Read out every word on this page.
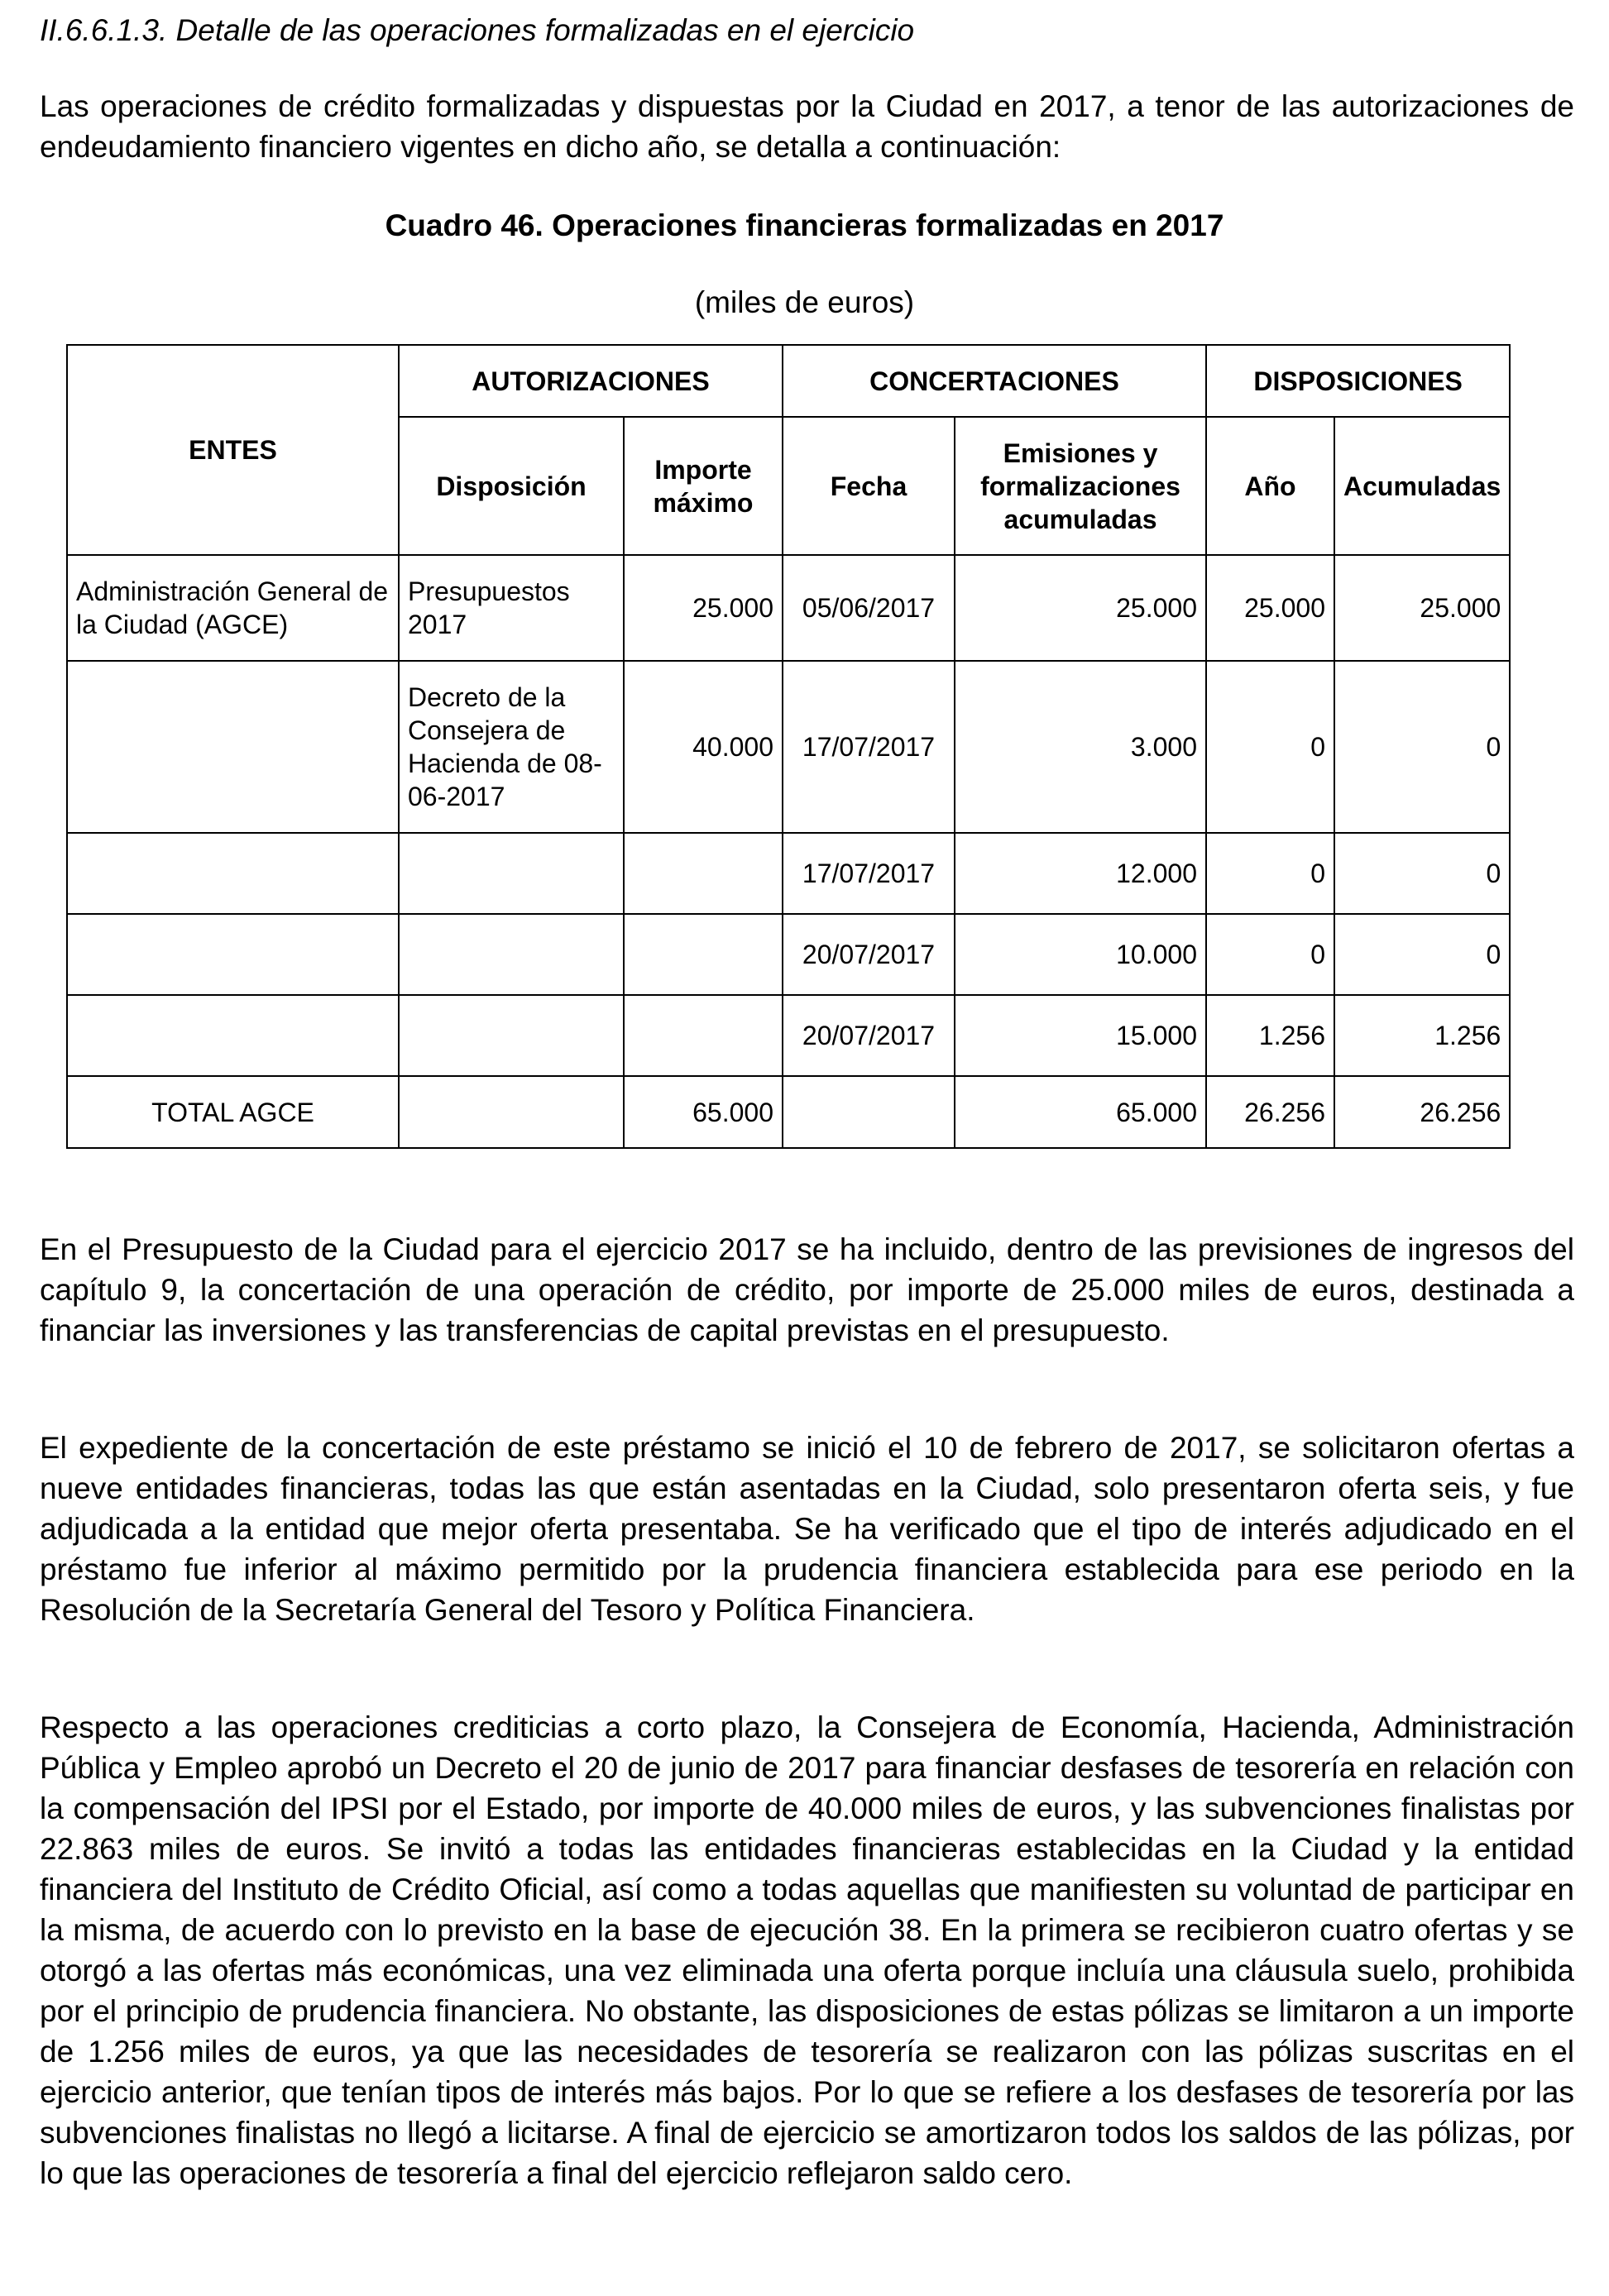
II.6.6.1.3. Detalle de las operaciones formalizadas en el ejercicio

Las operaciones de crédito formalizadas y dispuestas por la Ciudad en 2017, a tenor de las autorizaciones de endeudamiento financiero vigentes en dicho año, se detalla a continuación:

Cuadro 46. Operaciones financieras formalizadas en 2017

(miles de euros)

ENTES	AUTORIZACIONES		CONCERTACIONES		DISPOSICIONES	
	Disposición	Importe máximo	Fecha	Emisiones y formalizaciones acumuladas	Año	Acumuladas
Administración General de la Ciudad (AGCE)	Presupuestos 2017	25.000	05/06/2017	25.000	25.000	25.000
	Decreto de la Consejera de Hacienda de 08-06-2017	40.000	17/07/2017	3.000	0	0
			17/07/2017	12.000	0	0
			20/07/2017	10.000	0	0
			20/07/2017	15.000	1.256	1.256
TOTAL AGCE		65.000		65.000	26.256	26.256

En el Presupuesto de la Ciudad para el ejercicio 2017 se ha incluido, dentro de las previsiones de ingresos del capítulo 9, la concertación de una operación de crédito, por importe de 25.000 miles de euros, destinada a financiar las inversiones y las transferencias de capital previstas en el presupuesto.

El expediente de la concertación de este préstamo se inició el 10 de febrero de 2017, se solicitaron ofertas a nueve entidades financieras, todas las que están asentadas en la Ciudad, solo presentaron oferta seis, y fue adjudicada a la entidad que mejor oferta presentaba. Se ha verificado que el tipo de interés adjudicado en el préstamo fue inferior al máximo permitido por la prudencia financiera establecida para ese periodo en la Resolución de la Secretaría General del Tesoro y Política Financiera.

Respecto a las operaciones crediticias a corto plazo, la Consejera de Economía, Hacienda, Administración Pública y Empleo aprobó un Decreto el 20 de junio de 2017 para financiar desfases de tesorería en relación con la compensación del IPSI por el Estado, por importe de 40.000 miles de euros, y las subvenciones finalistas por 22.863 miles de euros. Se invitó a todas las entidades financieras establecidas en la Ciudad y la entidad financiera del Instituto de Crédito Oficial, así como a todas aquellas que manifiesten su voluntad de participar en la misma, de acuerdo con lo previsto en la base de ejecución 38. En la primera se recibieron cuatro ofertas y se otorgó a las ofertas más económicas, una vez eliminada una oferta porque incluía una cláusula suelo, prohibida por el principio de prudencia financiera. No obstante, las disposiciones de estas pólizas se limitaron a un importe de 1.256 miles de euros, ya que las necesidades de tesorería se realizaron con las pólizas suscritas en el ejercicio anterior, que tenían tipos de interés más bajos. Por lo que se refiere a los desfases de tesorería por las subvenciones finalistas no llegó a licitarse. A final de ejercicio se amortizaron todos los saldos de las pólizas, por lo que las operaciones de tesorería a final del ejercicio reflejaron saldo cero.
